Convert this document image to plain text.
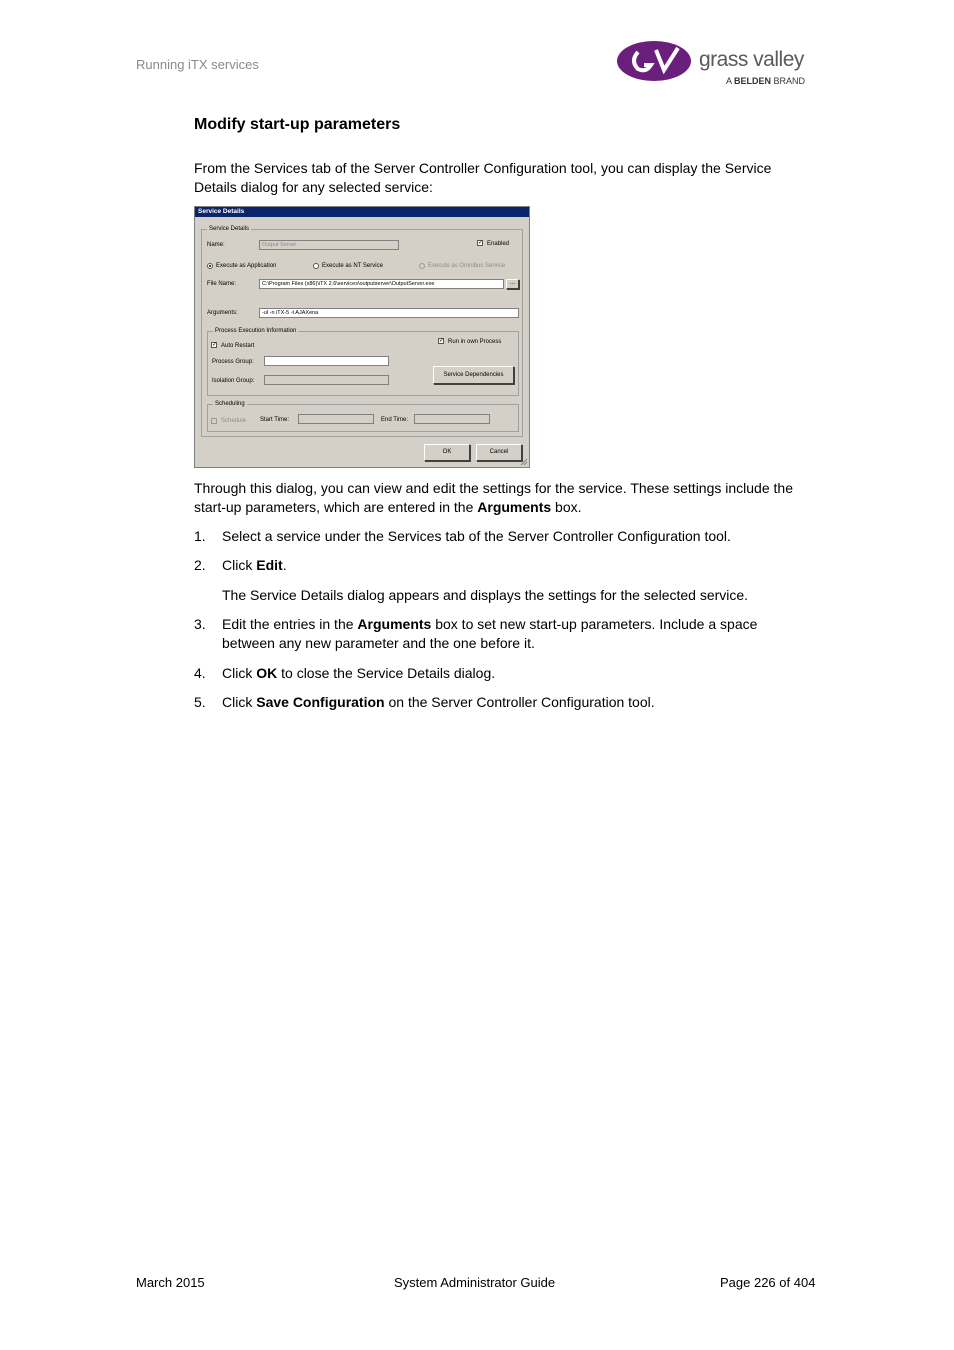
Running iTX services	grass valley
A BELDEN BRAND
Modify start-up parameters

From the Services tab of the Server Controller Configuration tool, you can display the Service Details dialog for any selected service:

Service Details
Service Details
Name:	Output Server	✓ Enabled
Execute as Application	Execute as NT Service	Execute as Omnibus Service
File Name:	C:\Program Files (x86)\iTX 2.6\services\outputserver\OutputServer.exe	...
Arguments:	-ul -n iTX-5 -t AJAXena
Process Execution Information
✓ Auto Restart
✓ Run in own Process
Process Group:
Isolation Group:
Service Dependencies
Scheduling
Schedule Start Time:	End Time:
OK	Cancel

Through this dialog, you can view and edit the settings for the service. These settings include the start-up parameters, which are entered in the Arguments box.

1. Select a service under the Services tab of the Server Controller Configuration tool.
2. Click Edit.
The Service Details dialog appears and displays the settings for the selected service.
3. Edit the entries in the Arguments box to set new start-up parameters. Include a space between any new parameter and the one before it.
4. Click OK to close the Service Details dialog.
5. Click Save Configuration on the Server Controller Configuration tool.
March 2015	System Administrator Guide	Page 226 of 404
